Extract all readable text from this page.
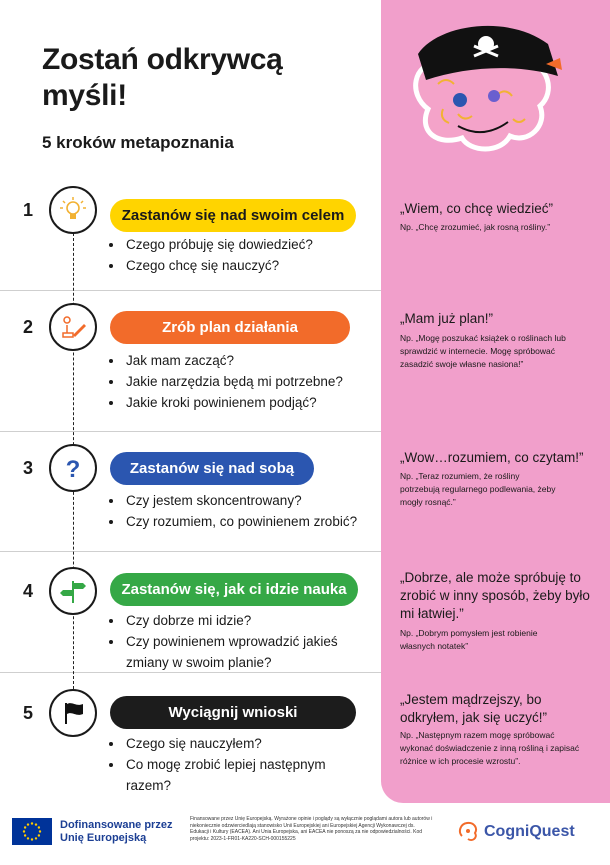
Zostań odkrywcą
myśli!
5 kroków metapoznania
1	Zastanów się nad swoim celem
• Czego próbuję się dowiedzieć?
• Czego chcę się nauczyć?
„Wiem, co chcę wiedzieć”
Np. „Chcę zrozumieć, jak rosną rośliny.”
2	Zrób plan działania
• Jak mam zacząć?
• Jakie narzędzia będą mi potrzebne?
• Jakie kroki powinienem podjąć?
„Mam już plan!”
Np. „Mogę poszukać książek o roślinach lub sprawdzić w internecie. Mogę spróbować zasadzić swoje własne nasiona!”
3 ?	Zastanów się nad sobą
• Czy jestem skoncentrowany?
• Czy rozumiem, co powinienem zrobić?
„Wow…rozumiem, co czytam!”
Np. „Teraz rozumiem, że rośliny potrzebują regularnego podlewania, żeby mogły rosnąć.”
4	Zastanów się, jak ci idzie nauka
• Czy dobrze mi idzie?
• Czy powinienem wprowadzić jakieś zmiany w swoim planie?
„Dobrze, ale może spróbuję to zrobić w inny sposób, żeby było mi łatwiej.”
Np. „Dobrym pomysłem jest robienie własnych notatek”
5	Wyciągnij wnioski
• Czego się nauczyłem?
• Co mogę zrobić lepiej następnym razem?
„Jestem mądrzejszy, bo odkryłem, jak się uczyć!”
Np. „Następnym razem mogę spróbować wykonać doświadczenie z inną rośliną i zapisać różnice w ich procesie wzrostu”.
Dofinansowane przez
Unię Europejską
Finansowane przez Unię Europejską. Wyrażone opinie i poglądy są wyłącznie poglądami autora lub autorów i niekoniecznie odzwierciedlają stanowisko Unii Europejskiej ani Europejskiej Agencji Wykonawczej ds. Edukacji i Kultury (EACEA). Ani Unia Europejska, ani EACEA nie ponoszą za nie odpowiedzialności. Kod projektu: 2023-1-FR01-KA220-SCH-000155225	CogniQuest
